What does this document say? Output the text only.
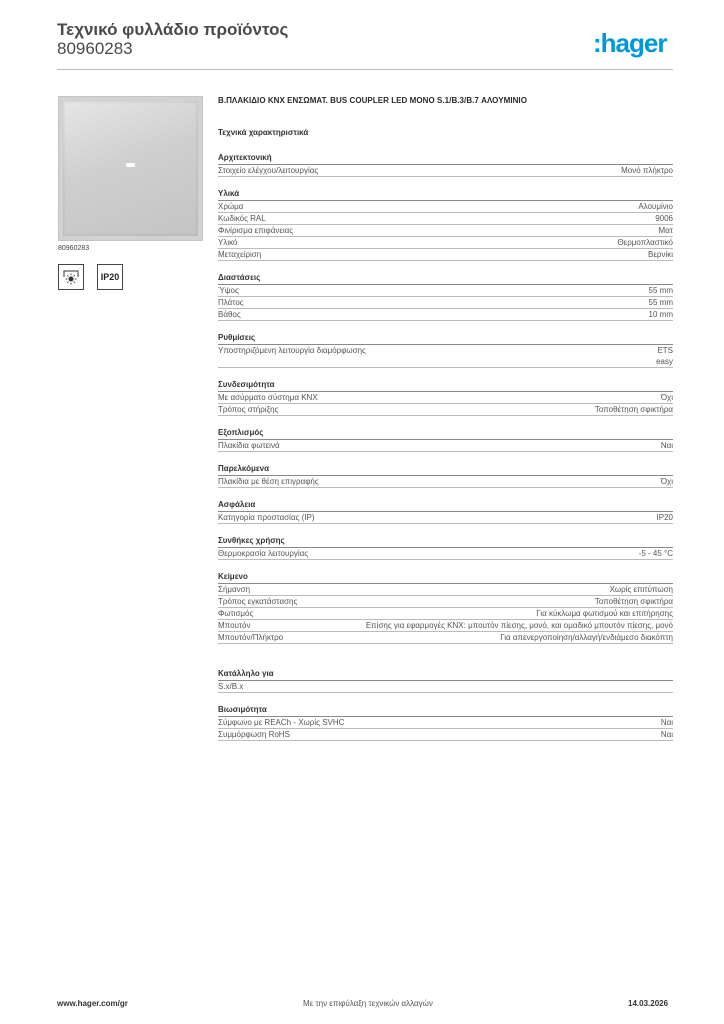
Τεχνικό φυλλάδιο προϊόντος
80960283	:hager
80960283
IP20
Β.ΠΛΑΚΙΔΙΟ KNX ΕΝΣΩΜΑΤ. BUS COUPLER LED MONO S.1/B.3/B.7 ΑΛΟΥΜΙΝΙΟ
Τεχνικά χαρακτηριστικά
Αρχιτεκτονική
Στοιχείο ελέγχου/λειτουργίας	Μονό πλήκτρο
Υλικά
Χρώμα	Αλουμίνιο
Κωδικός RAL	9006
Φινίρισμα επιφάνειας	Ματ
Υλικό	Θερμοπλαστικό
Μεταχείριση	Βερνίκι
Διαστάσεις
Ύψος	55 mm
Πλάτος	55 mm
Βάθος	10 mm
Ρυθμίσεις
Υποστηριζόμενη λειτουργία διαμόρφωσης	ETS
easy
Συνδεσιμότητα
Με ασύρματο σύστημα KNX	Όχι
Τρόπος στήριξης	Τοποθέτηση σφικτήρα
Εξοπλισμός
Πλακίδια φωτεινά	Ναι
Παρελκόμενα
Πλακίδια με θέση επιγραφής	Όχι
Ασφάλεια
Κατηγορία προστασίας (IP)	IP20
Συνθήκες χρήσης
Θερμοκρασία λειτουργίας	-5 - 45 °C
Κείμενο
Σήμανση	Χωρίς επιτύπωση
Τρόπος εγκατάστασης	Τοποθέτηση σφικτήρα
Φωτισμός	Για κύκλωμα φωτισμού και επιτήρησης
Μπουτόν	Επίσης για εφαρμογές KNX: μπουτόν πίεσης, μονό, και ομαδικό μπουτόν πίεσης, μονό
Μπουτόν/Πλήκτρο	Για απενεργοποίηση/αλλαγή/ενδιάμεσο διακόπτη
Κατάλληλο για
S.x/B.x
Βιωσιμότητα
Σύμφωνο με REACh - Χωρίς SVHC	Ναι
Συμμόρφωση RoHS	Ναι
www.hager.com/gr	Με την επιφύλαξη τεχνικών αλλαγών	14.03.2026
